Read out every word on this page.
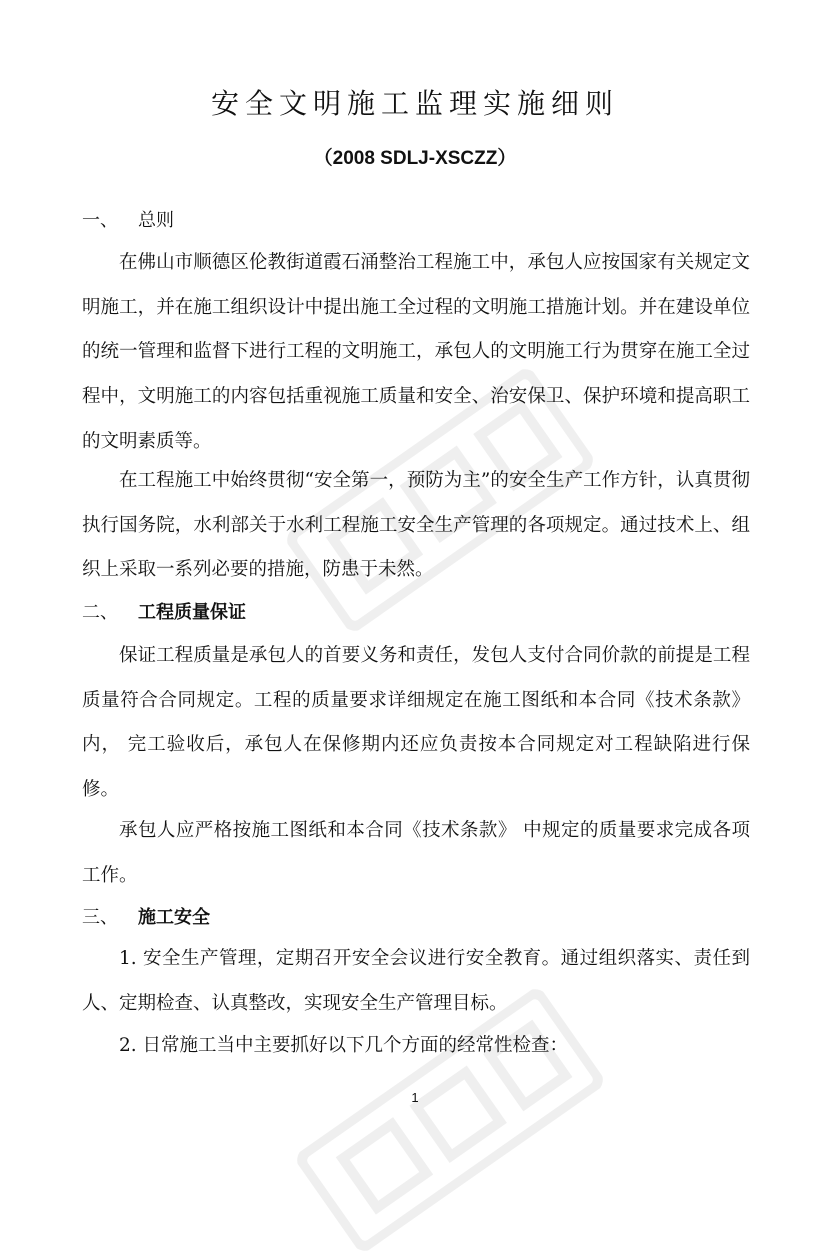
安全文明施工监理实施细则
（2008 SDLJ-XSCZZ）
一、 总则

在佛山市顺德区伦教街道霞石涌整治工程施工中，承包人应按国家有关规定文明施工，并在施工组织设计中提出施工全过程的文明施工措施计划。并在建设单位的统一管理和监督下进行工程的文明施工，承包人的文明施工行为贯穿在施工全过程中，文明施工的内容包括重视施工质量和安全、治安保卫、保护环境和提高职工的文明素质等。

在工程施工中始终贯彻“安全第一，预防为主”的安全生产工作方针，认真贯彻执行国务院，水利部关于水利工程施工安全生产管理的各项规定。通过技术上、组织上采取一系列必要的措施，防患于未然。

二、 工程质量保证

保证工程质量是承包人的首要义务和责任，发包人支付合同价款的前提是工程质量符合合同规定。工程的质量要求详细规定在施工图纸和本合同《技术条款》 内， 完工验收后，承包人在保修期内还应负责按本合同规定对工程缺陷进行保修。

承包人应严格按施工图纸和本合同《技术条款》 中规定的质量要求完成各项工作。

三、 施工安全

1. 安全生产管理，定期召开安全会议进行安全教育。通过组织落实、责任到人、定期检查、认真整改，实现安全生产管理目标。

2. 日常施工当中主要抓好以下几个方面的经常性检查：

1
